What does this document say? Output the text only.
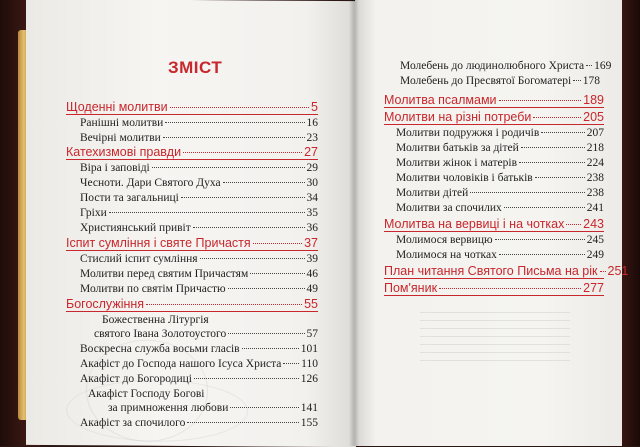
ЗМІСТ
Щоденні молитви	5
Ранішні молитви	16
Вечірні молитви	23
Катехизмові правди	27
Віра і заповіді	29
Чесноти. Дари Святого Духа	30
Пости та загальниці	34
Гріхи	35
Християнський привіт	36
Іспит сумління і святе Причастя	37
Стислий іспит сумління	39
Молитви перед святим Причастям	46
Молитви по святім Причастю	49
Богослужіння	55
Божественна Літургія
святого Івана Золотоустого	57
Воскресна служба восьми гласів	101
Акафіст до Господа нашого Ісуса Христа 110
Акафіст до Богородиці	126
Акафіст Господу Богові
за примноження любови	141
Акафіст за спочилого	155
Молебень до людинолюбного Христа 169
Молебень до Пресвятої Богоматері 178
Молитва псалмами	189
Молитви на різні потреби	205
Молитви подружжя і родичів	207
Молитви батьків за дітей	218
Молитви жінок і матерів	224
Молитви чоловіків і батьків	238
Молитви дітей	238
Молитви за спочилих	241
Молитва на вервиці і на чотках 243
Молимося вервицю	245
Молимося на чотках	249
План читання Святого Письма на рік 251
Пом'яник	277
